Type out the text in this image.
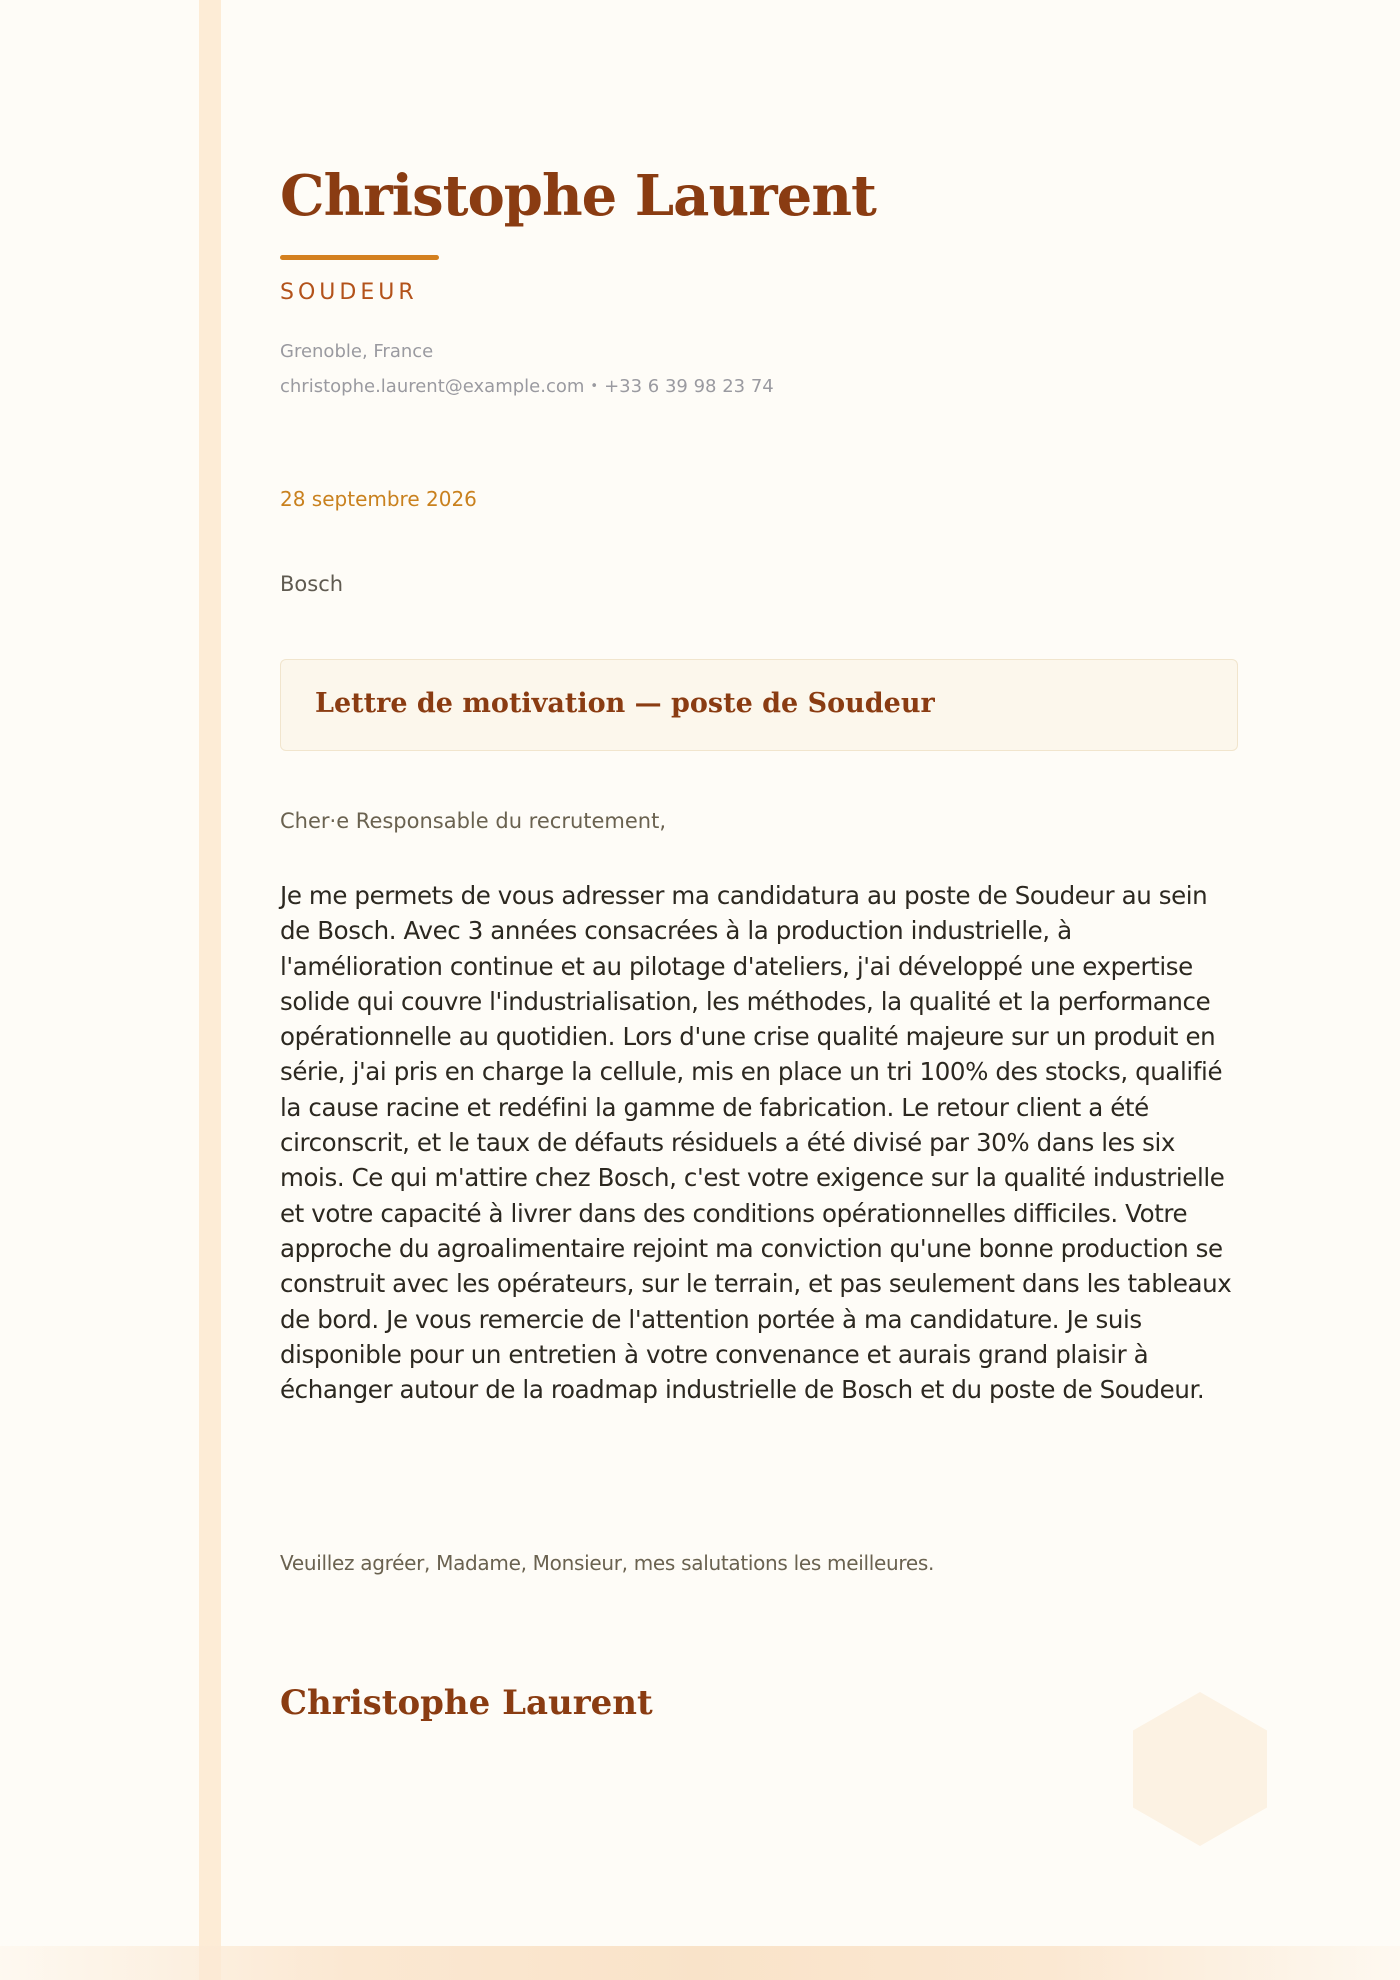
Christophe Laurent
SOUDEUR
Grenoble, France
christophe.laurent@example.com • +33 6 39 98 23 74
28 septembre 2026
Bosch
Lettre de motivation — poste de Soudeur
Cher·e Responsable du recrutement,

Je me permets de vous adresser ma candidatura au poste de Soudeur au sein de Bosch. Avec 3 années consacrées à la production industrielle, à l'amélioration continue et au pilotage d'ateliers, j'ai développé une expertise solide qui couvre l'industrialisation, les méthodes, la qualité et la performance opérationnelle au quotidien. Lors d'une crise qualité majeure sur un produit en série, j'ai pris en charge la cellule, mis en place un tri 100% des stocks, qualifié la cause racine et redéfini la gamme de fabrication. Le retour client a été circonscrit, et le taux de défauts résiduels a été divisé par 30% dans les six mois. Ce qui m'attire chez Bosch, c'est votre exigence sur la qualité industrielle et votre capacité à livrer dans des conditions opérationnelles difficiles. Votre approche du agroalimentaire rejoint ma conviction qu'une bonne production se construit avec les opérateurs, sur le terrain, et pas seulement dans les tableaux de bord. Je vous remercie de l'attention portée à ma candidature. Je suis disponible pour un entretien à votre convenance et aurais grand plaisir à échanger autour de la roadmap industrielle de Bosch et du poste de Soudeur.

Veuillez agréer, Madame, Monsieur, mes salutations les meilleures.
Christophe Laurent
